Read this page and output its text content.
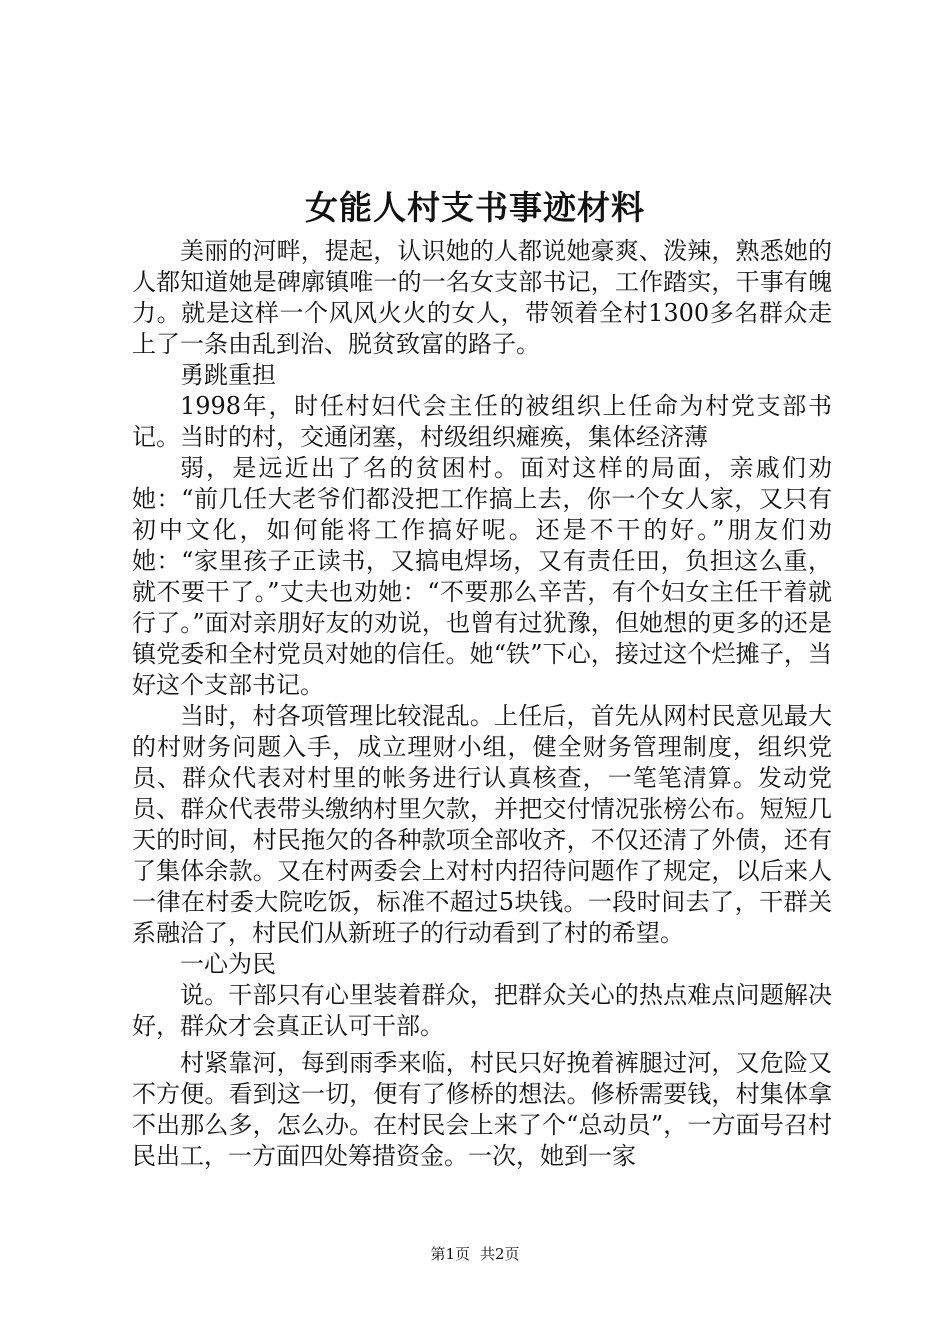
女能人村支书事迹材料

美丽的河畔，提起，认识她的人都说她豪爽、泼辣，熟悉她的人都知道她是碑廓镇唯一的一名女支部书记，工作踏实，干事有魄力。就是这样一个风风火火的女人，带领着全村1300多名群众走上了一条由乱到治、脱贫致富的路子。

勇跳重担

1998年，时任村妇代会主任的被组织上任命为村党支部书记。当时的村，交通闭塞，村级组织瘫痪，集体经济薄

弱，是远近出了名的贫困村。面对这样的局面，亲戚们劝她：“前几任大老爷们都没把工作搞上去，你一个女人家，又只有初中文化，如何能将工作搞好呢。还是不干的好。”朋友们劝她：“家里孩子正读书，又搞电焊场，又有责任田，负担这么重，就不要干了。”丈夫也劝她：“不要那么辛苦，有个妇女主任干着就行了。”面对亲朋好友的劝说，也曾有过犹豫，但她想的更多的还是镇党委和全村党员对她的信任。她“铁”下心，接过这个烂摊子，当好这个支部书记。

当时，村各项管理比较混乱。上任后，首先从网村民意见最大的村财务问题入手，成立理财小组，健全财务管理制度，组织党员、群众代表对村里的帐务进行认真核查，一笔笔清算。发动党员、群众代表带头缴纳村里欠款，并把交付情况张榜公布。短短几天的时间，村民拖欠的各种款项全部收齐，不仅还清了外债，还有了集体余款。又在村两委会上对村内招待问题作了规定，以后来人一律在村委大院吃饭，标准不超过5块钱。一段时间去了，干群关系融洽了，村民们从新班子的行动看到了村的希望。

一心为民

说。干部只有心里装着群众，把群众关心的热点难点问题解决好，群众才会真正认可干部。

村紧靠河，每到雨季来临，村民只好挽着裤腿过河，又危险又不方便。看到这一切，便有了修桥的想法。修桥需要钱，村集体拿不出那么多，怎么办。在村民会上来了个“总动员”，一方面号召村民出工，一方面四处筹措资金。一次，她到一家

第1页 共2页
